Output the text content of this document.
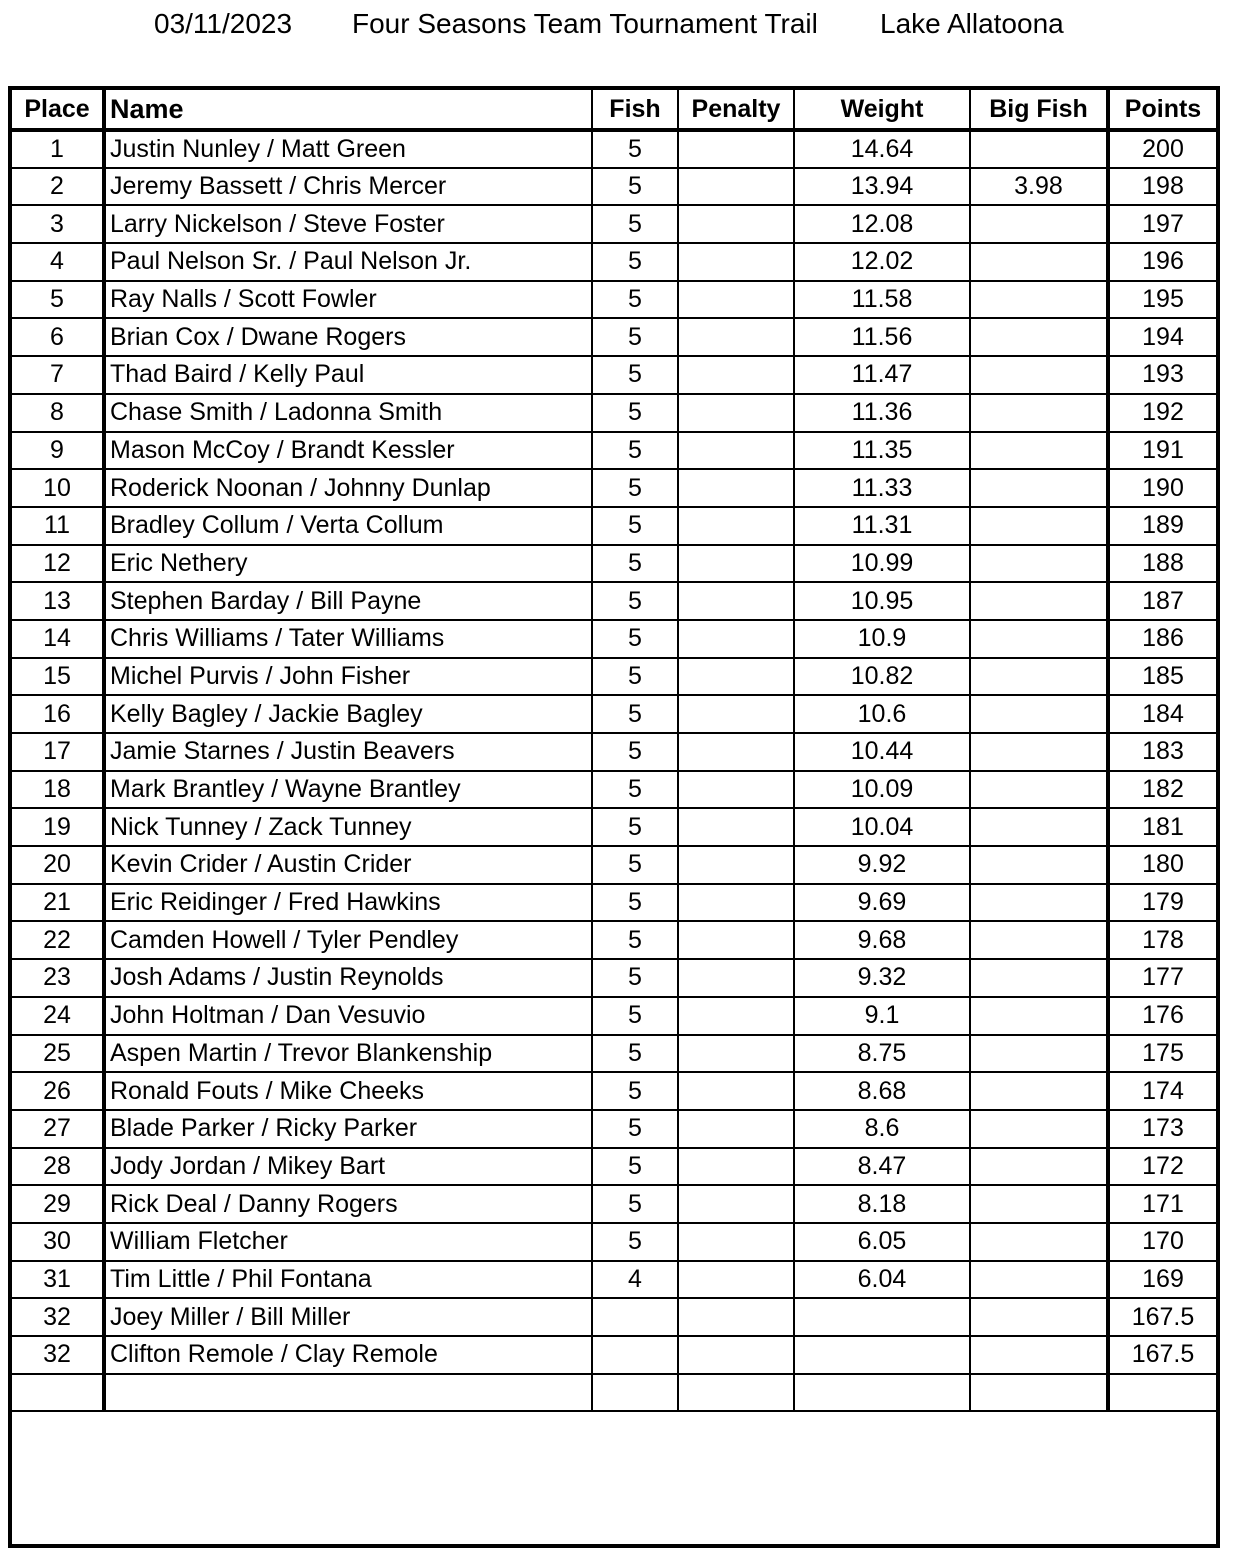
03/11/2023 Four Seasons Team Tournament Trail Lake Allatoona
Place	Name	Fish	Penalty	Weight	Big Fish	Points
1	Justin Nunley / Matt Green	5		14.64		200
2	Jeremy Bassett / Chris Mercer	5		13.94	3.98	198
3	Larry Nickelson / Steve Foster	5		12.08		197
4	Paul Nelson Sr. / Paul Nelson Jr.	5		12.02		196
5	Ray Nalls / Scott Fowler	5		11.58		195
6	Brian Cox / Dwane Rogers	5		11.56		194
7	Thad Baird / Kelly Paul	5		11.47		193
8	Chase Smith / Ladonna Smith	5		11.36		192
9	Mason McCoy / Brandt Kessler	5		11.35		191
10	Roderick Noonan / Johnny Dunlap	5		11.33		190
11	Bradley Collum / Verta Collum	5		11.31		189
12	Eric Nethery	5		10.99		188
13	Stephen Barday / Bill Payne	5		10.95		187
14	Chris Williams / Tater Williams	5		10.9		186
15	Michel Purvis / John Fisher	5		10.82		185
16	Kelly Bagley / Jackie Bagley	5		10.6		184
17	Jamie Starnes / Justin Beavers	5		10.44		183
18	Mark Brantley / Wayne Brantley	5		10.09		182
19	Nick Tunney / Zack Tunney	5		10.04		181
20	Kevin Crider / Austin Crider	5		9.92		180
21	Eric Reidinger / Fred Hawkins	5		9.69		179
22	Camden Howell / Tyler Pendley	5		9.68		178
23	Josh Adams / Justin Reynolds	5		9.32		177
24	John Holtman / Dan Vesuvio	5		9.1		176
25	Aspen Martin / Trevor Blankenship	5		8.75		175
26	Ronald Fouts / Mike Cheeks	5		8.68		174
27	Blade Parker / Ricky Parker	5		8.6		173
28	Jody Jordan / Mikey Bart	5		8.47		172
29	Rick Deal / Danny Rogers	5		8.18		171
30	William Fletcher	5		6.05		170
31	Tim Little / Phil Fontana	4		6.04		169
32	Joey Miller / Bill Miller					167.5
32	Clifton Remole / Clay Remole					167.5
